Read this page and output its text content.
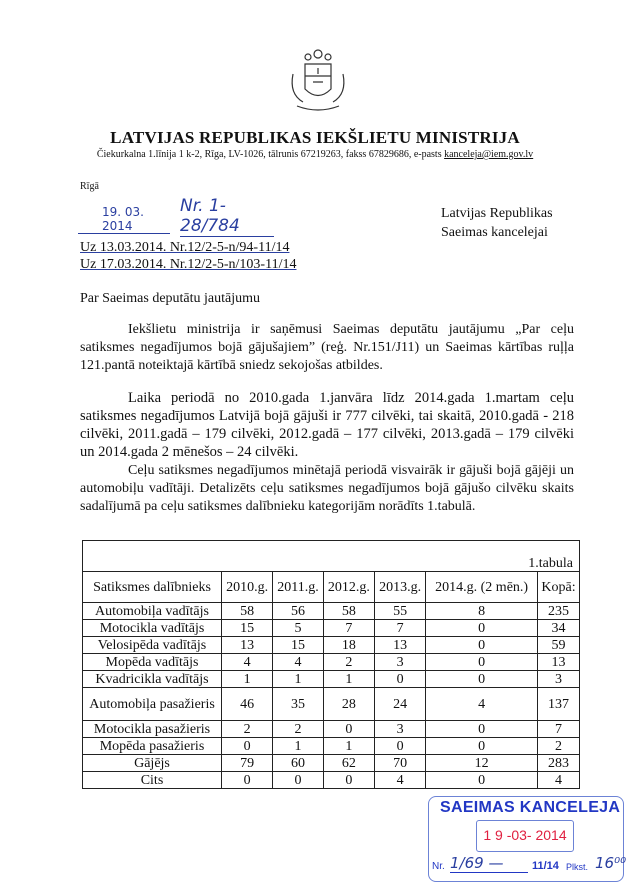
LATVIJAS REPUBLIKAS IEKŠLIETU MINISTRIJA
Čiekurkalna 1.līnija 1 k-2, Rīga, LV-1026, tālrunis 67219263, fakss 67829686, e-pasts kanceleja@iem.gov.lv
Rīgā
19. 03. 2014
Nr. 1-28/784
Latvijas Republikas
Saeimas kancelejai
Uz 13.03.2014. Nr.12/2-5-n/94-11/14
Uz 17.03.2014. Nr.12/2-5-n/103-11/14
Par Saeimas deputātu jautājumu
Iekšlietu ministrija ir saņēmusi Saeimas deputātu jautājumu „Par ceļu satiksmes negadījumos bojā gājušajiem” (reģ. Nr.151/J11) un Saeimas kārtības ruļļa 121.pantā noteiktajā kārtībā sniedz sekojošas atbildes.
Laika periodā no 2010.gada 1.janvāra līdz 2014.gada 1.martam ceļu satiksmes negadījumos Latvijā bojā gājuši ir 777 cilvēki, tai skaitā, 2010.gadā - 218 cilvēki, 2011.gadā – 179 cilvēki, 2012.gadā – 177 cilvēki, 2013.gadā – 179 cilvēki un 2014.gada 2 mēnešos – 24 cilvēki.
Ceļu satiksmes negadījumos minētajā periodā visvairāk ir gājuši bojā gājēji un automobiļu vadītāji. Detalizēts ceļu satiksmes negadījumos bojā gājušo cilvēku skaits sadalījumā pa ceļu satiksmes dalībnieku kategorijām norādīts 1.tabulā.
1.tabula						
Satiksmes dalībnieks	2010.g.	2011.g.	2012.g.	2013.g.	2014.g. (2 mēn.)	Kopā:
Automobiļa vadītājs	58	56	58	55	8	235
Motocikla vadītājs	15	5	7	7	0	34
Velosipēda vadītājs	13	15	18	13	0	59
Mopēda vadītājs	4	4	2	3	0	13
Kvadricikla vadītājs	1	1	1	0	0	3
Automobiļa pasažieris	46	35	28	24	4	137
Motocikla pasažieris	2	2	0	3	0	7
Mopēda pasažieris	0	1	1	0	0	2
Gājējs	79	60	62	70	12	283
Cits	0	0	0	4	0	4
SAEIMAS KANCELEJA
1 9 -03- 2014
Nr. 1/69 —	11/14 Plkst. 16⁰⁰
